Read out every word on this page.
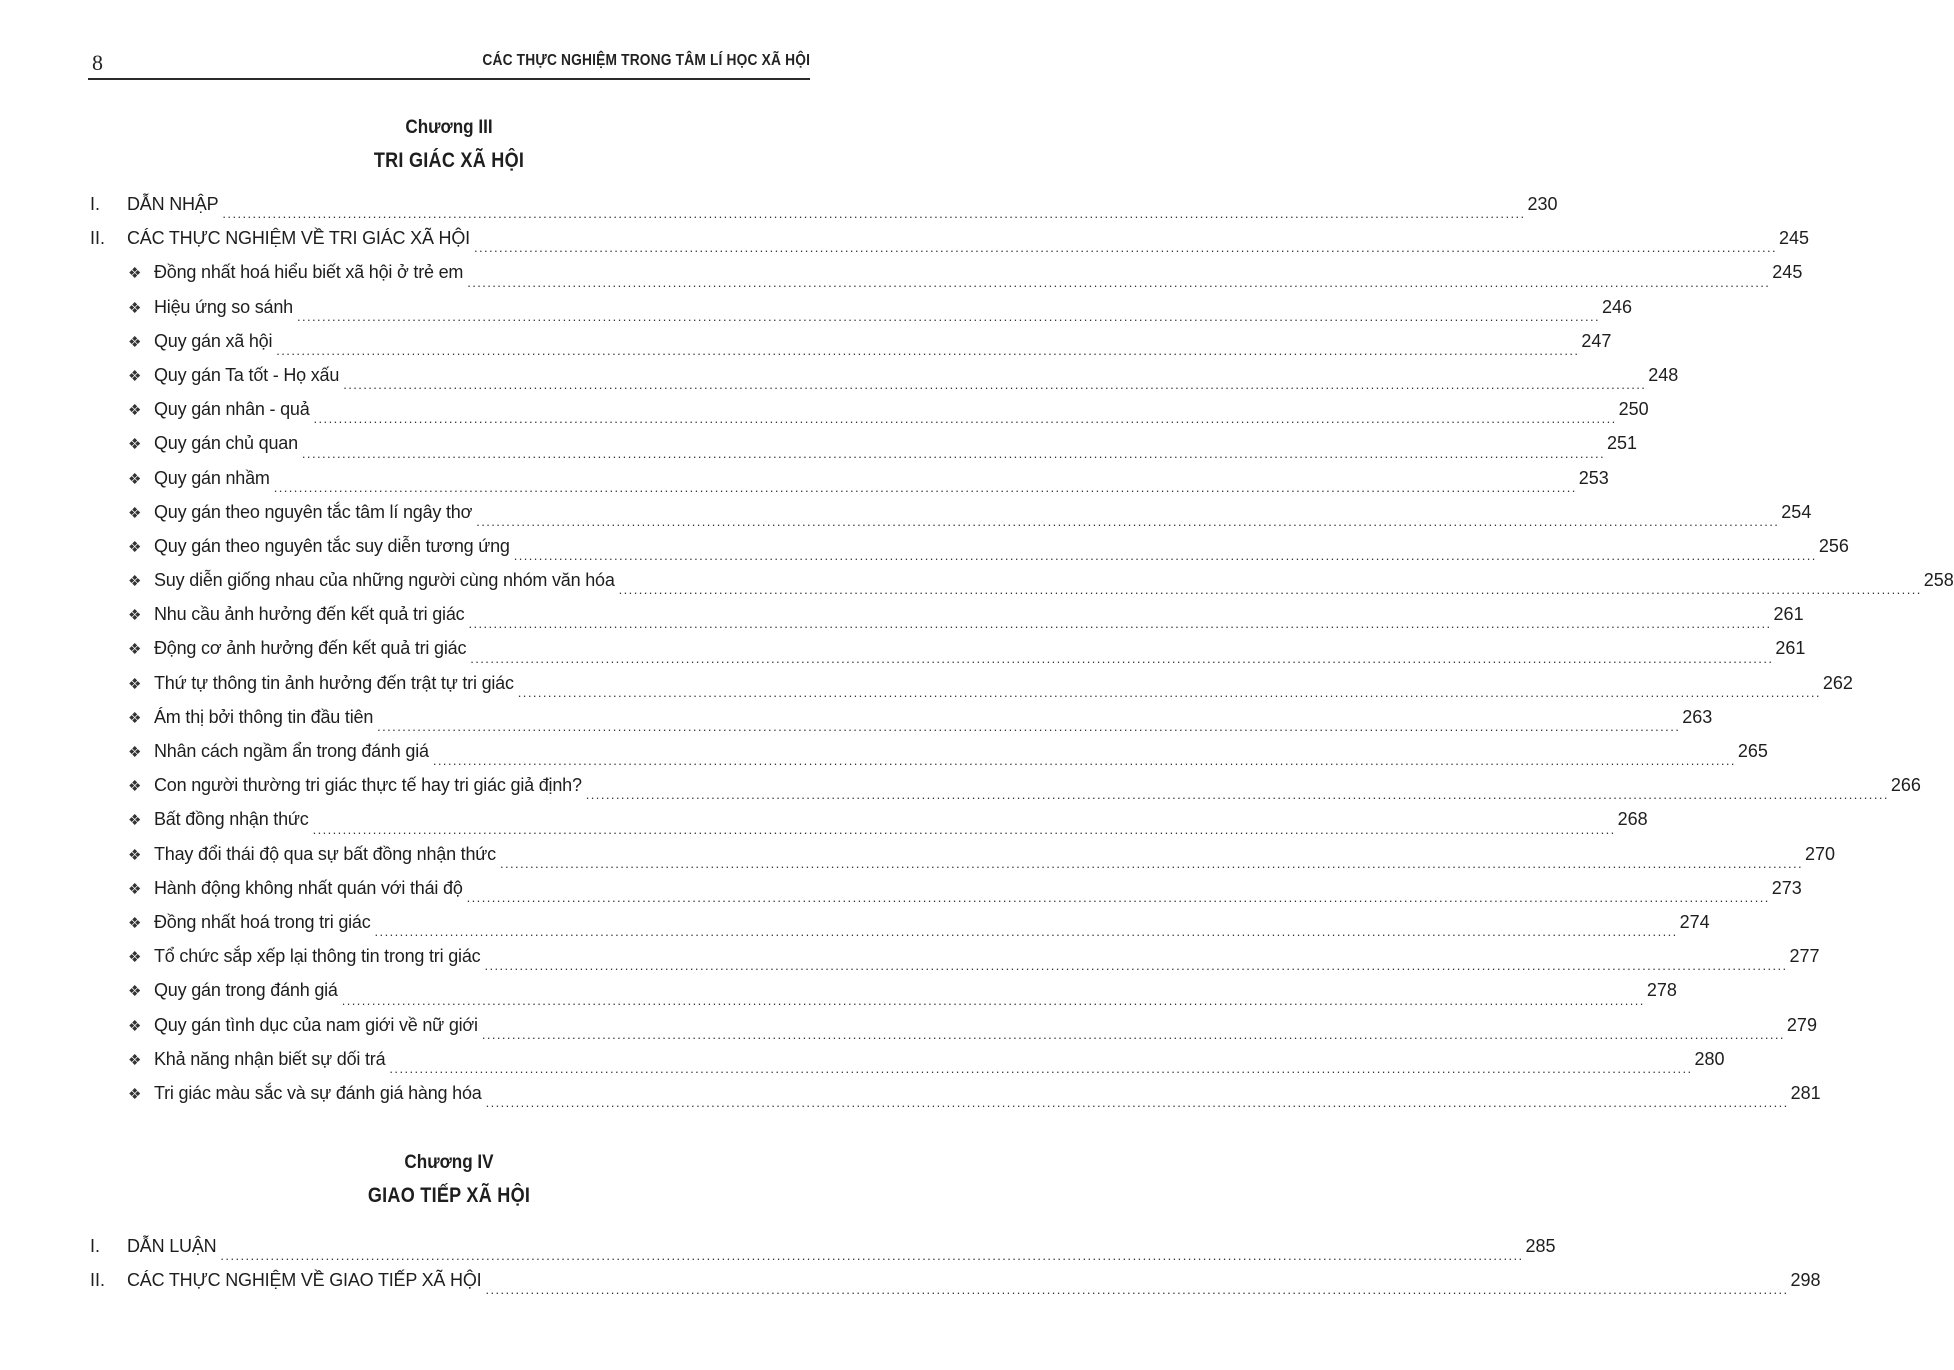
8	CÁC THỰC NGHIỆM TRONG TÂM LÍ HỌC XÃ HỘI
Chương III
TRI GIÁC XÃ HỘI
I.	DẪN NHẬP .................................................................................................................................................................................................................................................................... 230
II.	CÁC THỰC NGHIỆM VỀ TRI GIÁC XÃ HỘI .................................................................................................................................................................................................................................................................... 245
❖ Đồng nhất hoá hiểu biết xã hội ở trẻ em .................................................................................................................................................................................................................................................................... 245
❖ Hiệu ứng so sánh .................................................................................................................................................................................................................................................................... 246
❖ Quy gán xã hội .................................................................................................................................................................................................................................................................... 247
❖ Quy gán Ta tốt - Họ xấu .................................................................................................................................................................................................................................................................... 248
❖ Quy gán nhân - quả .................................................................................................................................................................................................................................................................... 250
❖ Quy gán chủ quan .................................................................................................................................................................................................................................................................... 251
❖ Quy gán nhầm .................................................................................................................................................................................................................................................................... 253
❖ Quy gán theo nguyên tắc tâm lí ngây thơ .................................................................................................................................................................................................................................................................... 254
❖ Quy gán theo nguyên tắc suy diễn tương ứng .................................................................................................................................................................................................................................................................... 256
❖ Suy diễn giống nhau của những người cùng nhóm văn hóa .................................................................................................................................................................................................................................................................... 258
❖ Nhu cầu ảnh hưởng đến kết quả tri giác .................................................................................................................................................................................................................................................................... 261
❖ Động cơ ảnh hưởng đến kết quả tri giác .................................................................................................................................................................................................................................................................... 261
❖ Thứ tự thông tin ảnh hưởng đến trật tự tri giác .................................................................................................................................................................................................................................................................... 262
❖ Ám thị bởi thông tin đầu tiên .................................................................................................................................................................................................................................................................... 263
❖ Nhân cách ngầm ẩn trong đánh giá .................................................................................................................................................................................................................................................................... 265
❖ Con người thường tri giác thực tế hay tri giác giả định? .................................................................................................................................................................................................................................................................... 266
❖ Bất đồng nhận thức .................................................................................................................................................................................................................................................................... 268
❖ Thay đổi thái độ qua sự bất đồng nhận thức .................................................................................................................................................................................................................................................................... 270
❖ Hành động không nhất quán với thái độ .................................................................................................................................................................................................................................................................... 273
❖ Đồng nhất hoá trong tri giác .................................................................................................................................................................................................................................................................... 274
❖ Tổ chức sắp xếp lại thông tin trong tri giác .................................................................................................................................................................................................................................................................... 277
❖ Quy gán trong đánh giá .................................................................................................................................................................................................................................................................... 278
❖ Quy gán tình dục của nam giới về nữ giới .................................................................................................................................................................................................................................................................... 279
❖ Khả năng nhận biết sự dối trá .................................................................................................................................................................................................................................................................... 280
❖ Tri giác màu sắc và sự đánh giá hàng hóa .................................................................................................................................................................................................................................................................... 281
Chương IV
GIAO TIẾP XÃ HỘI
I.	DẪN LUẬN .................................................................................................................................................................................................................................................................... 285
II.	CÁC THỰC NGHIỆM VỀ GIAO TIẾP XÃ HỘI .................................................................................................................................................................................................................................................................... 298
